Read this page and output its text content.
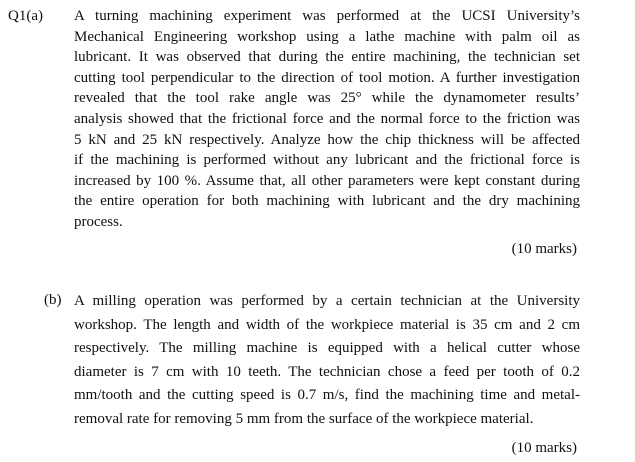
Q1(a) A turning machining experiment was performed at the UCSI University’s
Mechanical Engineering workshop using a lathe machine with palm oil as
lubricant. It was observed that during the entire machining, the technician set
cutting tool perpendicular to the direction of tool motion. A further investigation
revealed that the tool rake angle was 25° while the dynamometer results’
analysis showed that the frictional force and the normal force to the friction was
5 kN and 25 kN respectively. Analyze how the chip thickness will be affected
if the machining is performed without any lubricant and the frictional force is
increased by 100 %. Assume that, all other parameters were kept constant during
the entire operation for both machining with lubricant and the dry machining
process.
(10 marks)
(b) A milling operation was performed by a certain technician at the University
workshop. The length and width of the workpiece material is 35 cm and 2 cm
respectively. The milling machine is equipped with a helical cutter whose
diameter is 7 cm with 10 teeth. The technician chose a feed per tooth of 0.2
mm/tooth and the cutting speed is 0.7 m/s, find the machining time and metal-
removal rate for removing 5 mm from the surface of the workpiece material.
(10 marks)
